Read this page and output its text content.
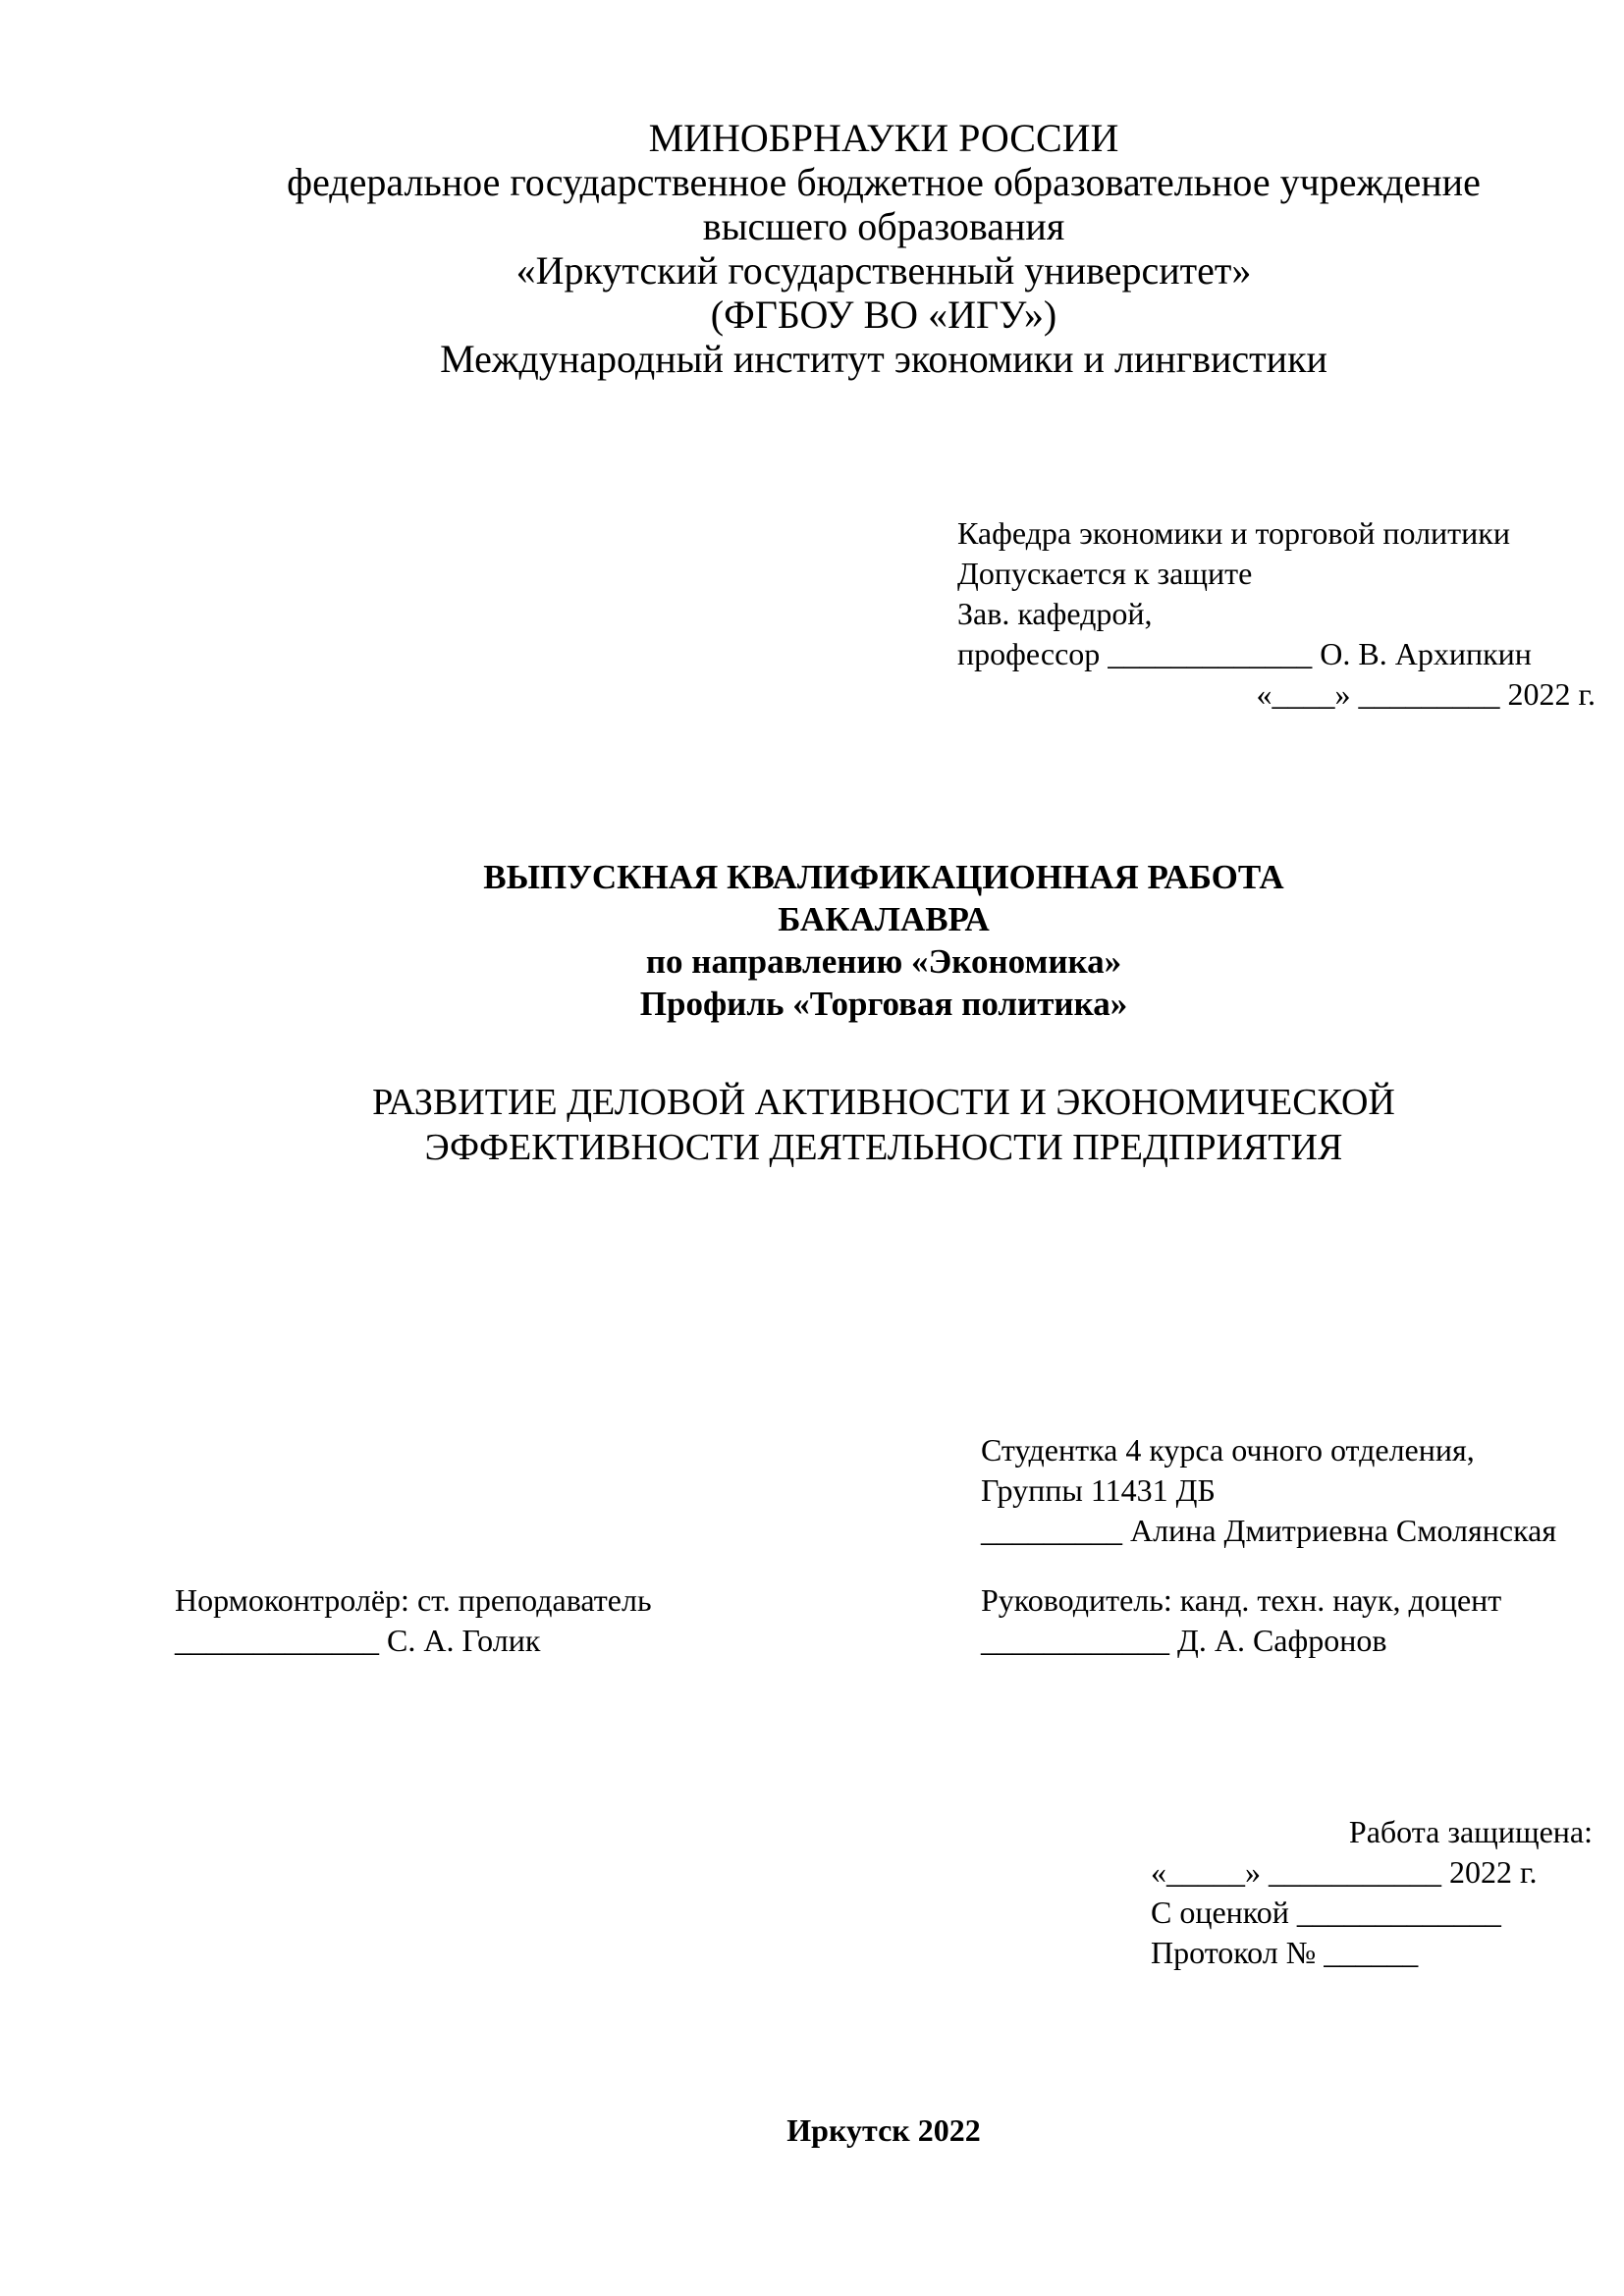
МИНОБРНАУКИ РОССИИ
федеральное государственное бюджетное образовательное учреждение
высшего образования
«Иркутский государственный университет»
(ФГБОУ ВО «ИГУ»)
Международный институт экономики и лингвистики
Кафедра экономики и торговой политики
Допускается к защите
Зав. кафедрой,
профессор _____________ О. В. Архипкин
«____» _________ 2022 г.
ВЫПУСКНАЯ КВАЛИФИКАЦИОННАЯ РАБОТА
БАКАЛАВРА
по направлению «Экономика»
Профиль «Торговая политика»
РАЗВИТИЕ ДЕЛОВОЙ АКТИВНОСТИ И ЭКОНОМИЧЕСКОЙ
ЭФФЕКТИВНОСТИ ДЕЯТЕЛЬНОСТИ ПРЕДПРИЯТИЯ
Студентка 4 курса очного отделения,
Группы 11431 ДБ
_________ Алина Дмитриевна Смолянская
Нормоконтролёр: ст. преподаватель
_____________ С. А. Голик
Руководитель: канд. техн. наук, доцент
____________ Д. А. Сафронов
Работа защищена:
«_____» ___________ 2022 г.
С оценкой _____________
Протокол № ______
Иркутск 2022
